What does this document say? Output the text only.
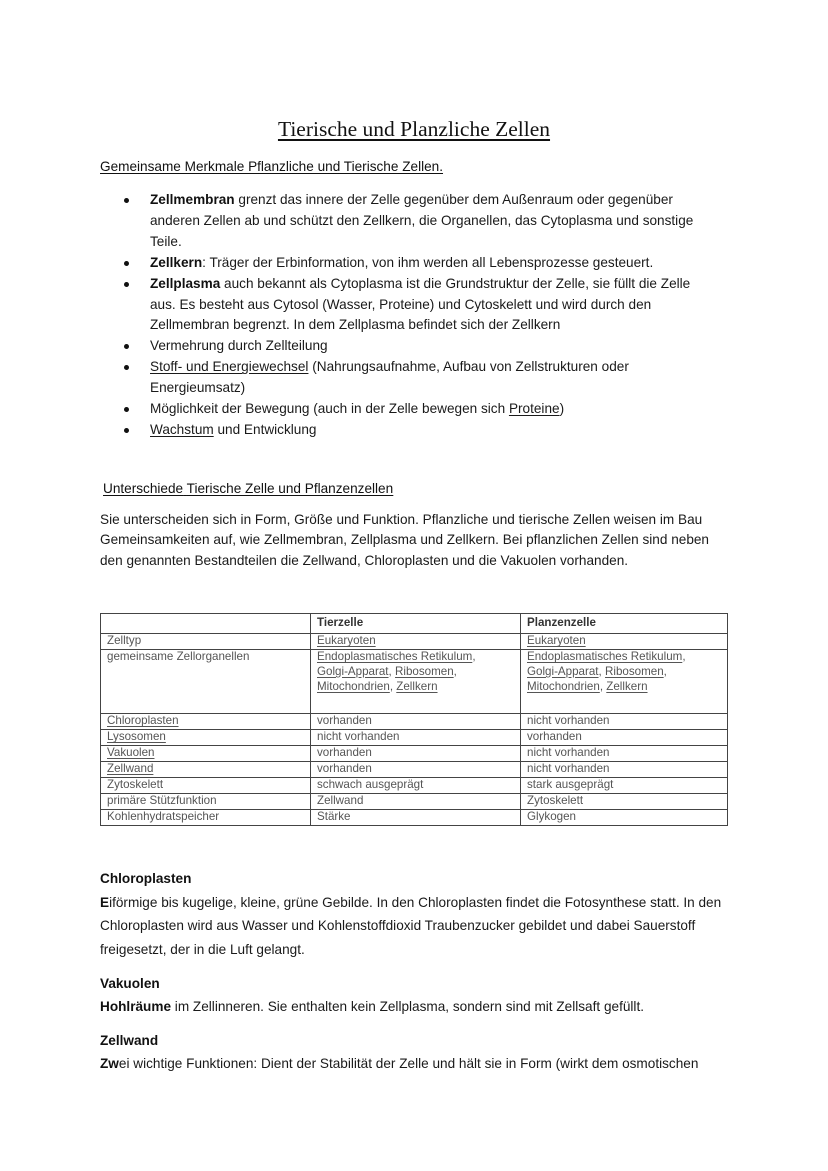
Tierische und Planzliche Zellen
Gemeinsame Merkmale Pflanzliche und Tierische Zellen.
Zellmembran grenzt das innere der Zelle gegenüber dem Außenraum oder gegenüber anderen Zellen ab und schützt den Zellkern, die Organellen, das Cytoplasma und sonstige Teile.
Zellkern: Träger der Erbinformation, von ihm werden all Lebensprozesse gesteuert.
Zellplasma auch bekannt als Cytoplasma ist die Grundstruktur der Zelle, sie füllt die Zelle aus. Es besteht aus Cytosol (Wasser, Proteine) und Cytoskelett und wird durch den Zellmembran begrenzt. In dem Zellplasma befindet sich der Zellkern
Vermehrung durch Zellteilung
Stoff- und Energiewechsel (Nahrungsaufnahme, Aufbau von Zellstrukturen oder Energieumsatz)
Möglichkeit der Bewegung (auch in der Zelle bewegen sich Proteine)
Wachstum und Entwicklung
Unterschiede Tierische Zelle und Pflanzenzellen

Sie unterscheiden sich in Form, Größe und Funktion. Pflanzliche und tierische Zellen weisen im Bau Gemeinsamkeiten auf, wie Zellmembran, Zellplasma und Zellkern. Bei pflanzlichen Zellen sind neben den genannten Bestandteilen die Zellwand, Chloroplasten und die Vakuolen vorhanden.

	Tierzelle	Planzenzelle
Zelltyp	Eukaryoten	Eukaryoten
gemeinsame Zellorganellen	Endoplasmatisches Retikulum,
Golgi-Apparat, Ribosomen,
Mitochondrien, Zellkern	Endoplasmatisches Retikulum,
Golgi-Apparat, Ribosomen,
Mitochondrien, Zellkern
Chloroplasten	vorhanden	nicht vorhanden
Lysosomen	nicht vorhanden	vorhanden
Vakuolen	vorhanden	nicht vorhanden
Zellwand	vorhanden	nicht vorhanden
Zytoskelett	schwach ausgeprägt	stark ausgeprägt
primäre Stützfunktion	Zellwand	Zytoskelett
Kohlenhydratspeicher	Stärke	Glykogen
Chloroplasten

Eiförmige bis kugelige, kleine, grüne Gebilde. In den Chloroplasten findet die Fotosynthese statt. In den Chloroplasten wird aus Wasser und Kohlenstoffdioxid Traubenzucker gebildet und dabei Sauerstoff freigesetzt, der in die Luft gelangt.

Vakuolen

Hohlräume im Zellinneren. Sie enthalten kein Zellplasma, sondern sind mit Zellsaft gefüllt.

Zellwand

Zwei wichtige Funktionen: Dient der Stabilität der Zelle und hält sie in Form (wirkt dem osmotischen
